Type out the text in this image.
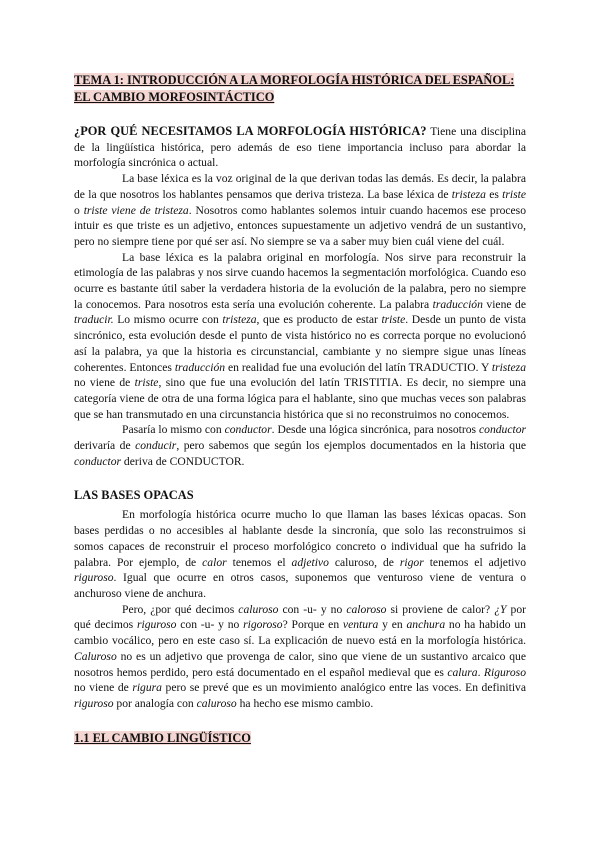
TEMA 1: INTRODUCCIÓN A LA MORFOLOGÍA HISTÓRICA DEL ESPAÑOL: EL CAMBIO MORFOSINTÁCTICO

¿POR QUÉ NECESITAMOS LA MORFOLOGÍA HISTÓRICA? Tiene una disciplina de la lingüística histórica, pero además de eso tiene importancia incluso para abordar la morfología sincrónica o actual.

La base léxica es la voz original de la que derivan todas las demás. Es decir, la palabra de la que nosotros los hablantes pensamos que deriva tristeza. La base léxica de tristeza es triste o triste viene de tristeza. Nosotros como hablantes solemos intuir cuando hacemos ese proceso intuir es que triste es un adjetivo, entonces supuestamente un adjetivo vendrá de un sustantivo, pero no siempre tiene por qué ser así. No siempre se va a saber muy bien cuál viene del cuál.

La base léxica es la palabra original en morfología. Nos sirve para reconstruir la etimología de las palabras y nos sirve cuando hacemos la segmentación morfológica. Cuando eso ocurre es bastante útil saber la verdadera historia de la evolución de la palabra, pero no siempre la conocemos. Para nosotros esta sería una evolución coherente. La palabra traducción viene de traducir. Lo mismo ocurre con tristeza, que es producto de estar triste. Desde un punto de vista sincrónico, esta evolución desde el punto de vista histórico no es correcta porque no evolucionó así la palabra, ya que la historia es circunstancial, cambiante y no siempre sigue unas líneas coherentes. Entonces traducción en realidad fue una evolución del latín TRADUCTIO. Y tristeza no viene de triste, sino que fue una evolución del latín TRISTITIA. Es decir, no siempre una categoría viene de otra de una forma lógica para el hablante, sino que muchas veces son palabras que se han transmutado en una circunstancia histórica que si no reconstruimos no conocemos.

Pasaría lo mismo con conductor. Desde una lógica sincrónica, para nosotros conductor derivaría de conducir, pero sabemos que según los ejemplos documentados en la historia que conductor deriva de CONDUCTOR.

LAS BASES OPACAS

En morfología histórica ocurre mucho lo que llaman las bases léxicas opacas. Son bases perdidas o no accesibles al hablante desde la sincronía, que solo las reconstruimos si somos capaces de reconstruir el proceso morfológico concreto o individual que ha sufrido la palabra. Por ejemplo, de calor tenemos el adjetivo caluroso, de rigor tenemos el adjetivo riguroso. Igual que ocurre en otros casos, suponemos que venturoso viene de ventura o anchuroso viene de anchura.

Pero, ¿por qué decimos caluroso con -u- y no caloroso si proviene de calor? ¿Y por qué decimos riguroso con -u- y no rigoroso? Porque en ventura y en anchura no ha habido un cambio vocálico, pero en este caso sí. La explicación de nuevo está en la morfología histórica. Caluroso no es un adjetivo que provenga de calor, sino que viene de un sustantivo arcaico que nosotros hemos perdido, pero está documentado en el español medieval que es calura. Riguroso no viene de rigura pero se prevé que es un movimiento analógico entre las voces. En definitiva riguroso por analogía con caluroso ha hecho ese mismo cambio.

1.1 EL CAMBIO LINGÜÍSTICO
